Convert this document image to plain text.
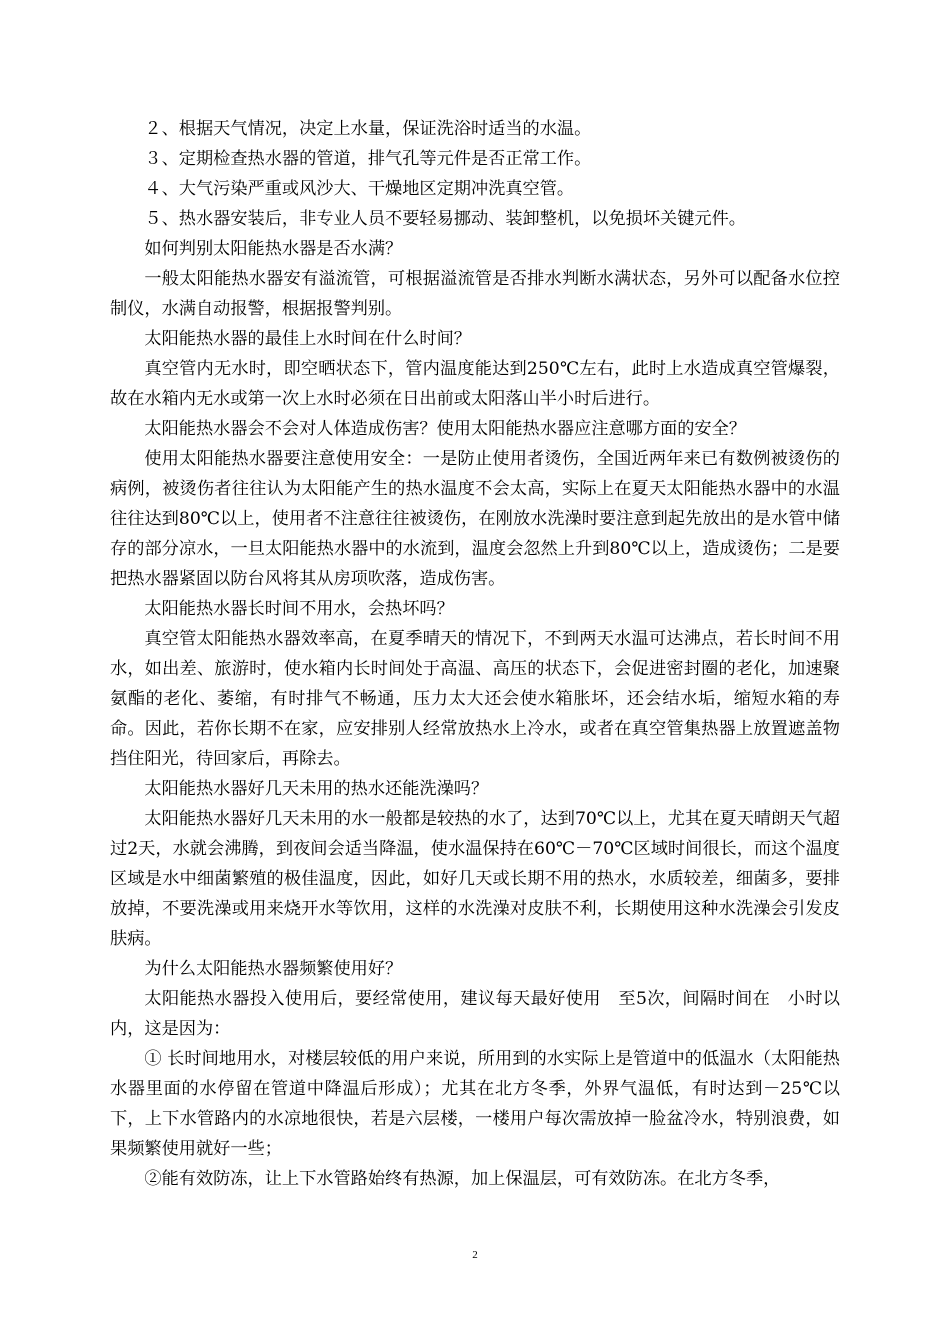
２、根据天气情况，决定上水量，保证洗浴时适当的水温。

３、定期检查热水器的管道，排气孔等元件是否正常工作。

４、大气污染严重或风沙大、干燥地区定期冲洗真空管。

５、热水器安装后，非专业人员不要轻易挪动、装卸整机，以免损坏关键元件。

如何判别太阳能热水器是否水满？

一般太阳能热水器安有溢流管，可根据溢流管是否排水判断水满状态，另外可以配备水位控制仪，水满自动报警，根据报警判别。

太阳能热水器的最佳上水时间在什么时间？

真空管内无水时，即空晒状态下，管内温度能达到250℃左右，此时上水造成真空管爆裂，故在水箱内无水或第一次上水时必须在日出前或太阳落山半小时后进行。

太阳能热水器会不会对人体造成伤害？使用太阳能热水器应注意哪方面的安全？

使用太阳能热水器要注意使用安全：一是防止使用者烫伤，全国近两年来已有数例被烫伤的病例，被烫伤者往往认为太阳能产生的热水温度不会太高，实际上在夏天太阳能热水器中的水温往往达到80℃以上，使用者不注意往往被烫伤，在刚放水洗澡时要注意到起先放出的是水管中储存的部分凉水，一旦太阳能热水器中的水流到，温度会忽然上升到80℃以上，造成烫伤；二是要把热水器紧固以防台风将其从房项吹落，造成伤害。

太阳能热水器长时间不用水，会热坏吗？

真空管太阳能热水器效率高，在夏季晴天的情况下，不到两天水温可达沸点，若长时间不用水，如出差、旅游时，使水箱内长时间处于高温、高压的状态下，会促进密封圈的老化，加速聚氨酯的老化、萎缩，有时排气不畅通，压力太大还会使水箱胀坏，还会结水垢，缩短水箱的寿命。因此，若你长期不在家，应安排别人经常放热水上冷水，或者在真空管集热器上放置遮盖物挡住阳光，待回家后，再除去。

太阳能热水器好几天未用的热水还能洗澡吗？

太阳能热水器好几天未用的水一般都是较热的水了，达到70℃以上，尤其在夏天晴朗天气超过2天，水就会沸腾，到夜间会适当降温，使水温保持在60℃－70℃区域时间很长，而这个温度区域是水中细菌繁殖的极佳温度，因此，如好几天或长期不用的热水，水质较差，细菌多，要排放掉，不要洗澡或用来烧开水等饮用，这样的水洗澡对皮肤不利，长期使用这种水洗澡会引发皮肤病。

为什么太阳能热水器频繁使用好？

太阳能热水器投入使用后，要经常使用，建议每天最好使用　至5次，间隔时间在　小时以内，这是因为：

① 长时间地用水，对楼层较低的用户来说，所用到的水实际上是管道中的低温水（太阳能热水器里面的水停留在管道中降温后形成）；尤其在北方冬季，外界气温低，有时达到－25℃以下，上下水管路内的水凉地很快，若是六层楼，一楼用户每次需放掉一脸盆冷水，特别浪费，如果频繁使用就好一些；

②能有效防冻，让上下水管路始终有热源，加上保温层，可有效防冻。在北方冬季，

2
